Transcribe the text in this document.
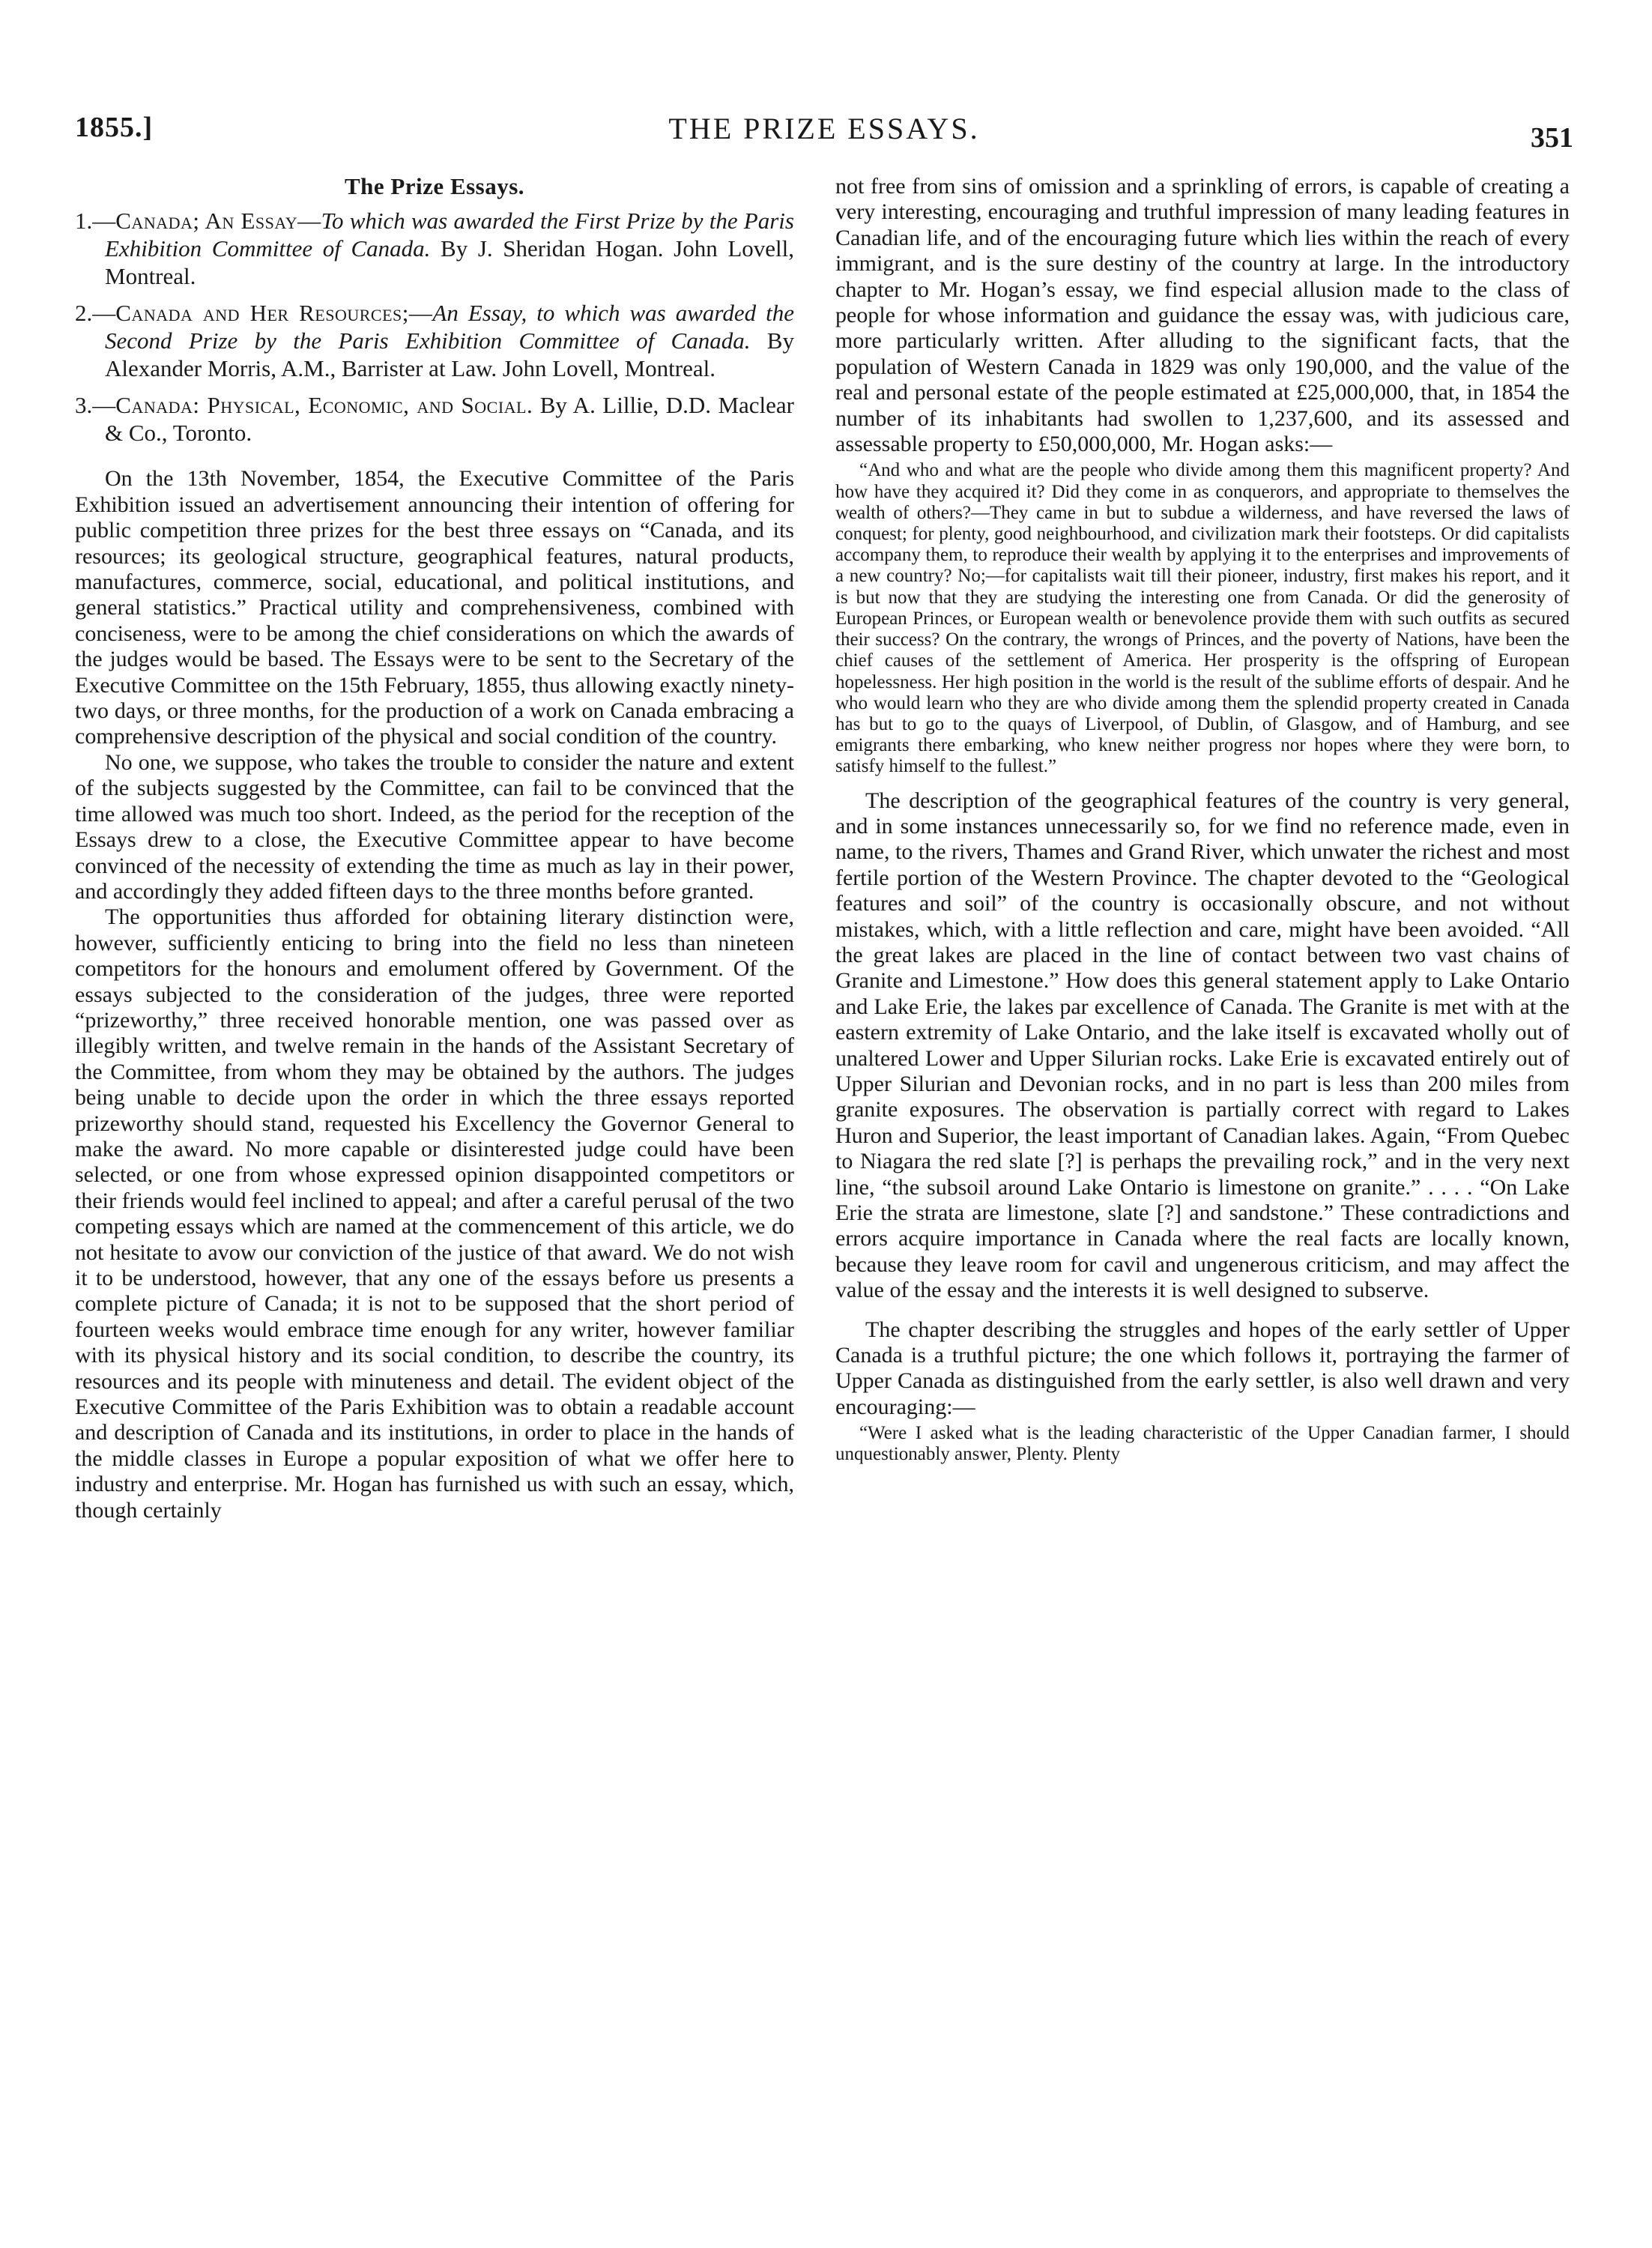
1855.]	THE PRIZE ESSAYS.	351
The Prize Essays.

1.—Canada; An Essay—To which was awarded the First Prize by the Paris Exhibition Committee of Canada. By J. Sheridan Hogan. John Lovell, Montreal.

2.—Canada and Her Resources;—An Essay, to which was awarded the Second Prize by the Paris Exhibition Committee of Canada. By Alexander Morris, A.M., Barrister at Law. John Lovell, Montreal.

3.—Canada: Physical, Economic, and Social. By A. Lillie, D.D. Maclear & Co., Toronto.

On the 13th November, 1854, the Executive Committee of the Paris Exhibition issued an advertisement announcing their intention of offering for public competition three prizes for the best three essays on “Canada, and its resources; its geological structure, geographical features, natural products, manufactures, commerce, social, educational, and political institutions, and general statistics.” Practical utility and comprehensiveness, combined with conciseness, were to be among the chief considerations on which the awards of the judges would be based. The Essays were to be sent to the Secretary of the Executive Committee on the 15th February, 1855, thus allowing exactly ninety-two days, or three months, for the production of a work on Canada embracing a comprehensive description of the physical and social condition of the country.

No one, we suppose, who takes the trouble to consider the nature and extent of the subjects suggested by the Committee, can fail to be convinced that the time allowed was much too short. Indeed, as the period for the reception of the Essays drew to a close, the Executive Committee appear to have become convinced of the necessity of extending the time as much as lay in their power, and accordingly they added fifteen days to the three months before granted.

The opportunities thus afforded for obtaining literary distinction were, however, sufficiently enticing to bring into the field no less than nineteen competitors for the honours and emolument offered by Government. Of the essays subjected to the consideration of the judges, three were reported “prizeworthy,” three received honorable mention, one was passed over as illegibly written, and twelve remain in the hands of the Assistant Secretary of the Committee, from whom they may be obtained by the authors. The judges being unable to decide upon the order in which the three essays reported prizeworthy should stand, requested his Excellency the Governor General to make the award. No more capable or disinterested judge could have been selected, or one from whose expressed opinion disappointed competitors or their friends would feel inclined to appeal; and after a careful perusal of the two competing essays which are named at the commencement of this article, we do not hesitate to avow our conviction of the justice of that award. We do not wish it to be understood, however, that any one of the essays before us presents a complete picture of Canada; it is not to be supposed that the short period of fourteen weeks would embrace time enough for any writer, however familiar with its physical history and its social condition, to describe the country, its resources and its people with minuteness and detail. The evident object of the Executive Committee of the Paris Exhibition was to obtain a readable account and description of Canada and its institutions, in order to place in the hands of the middle classes in Europe a popular exposition of what we offer here to industry and enterprise. Mr. Hogan has furnished us with such an essay, which, though certainly

not free from sins of omission and a sprinkling of errors, is capable of creating a very interesting, encouraging and truthful impression of many leading features in Canadian life, and of the encouraging future which lies within the reach of every immigrant, and is the sure destiny of the country at large. In the introductory chapter to Mr. Hogan’s essay, we find especial allusion made to the class of people for whose information and guidance the essay was, with judicious care, more particularly written. After alluding to the significant facts, that the population of Western Canada in 1829 was only 190,000, and the value of the real and personal estate of the people estimated at £25,000,000, that, in 1854 the number of its inhabitants had swollen to 1,237,600, and its assessed and assessable property to £50,000,000, Mr. Hogan asks:—

“And who and what are the people who divide among them this magnificent property? And how have they acquired it? Did they come in as conquerors, and appropriate to themselves the wealth of others?—They came in but to subdue a wilderness, and have reversed the laws of conquest; for plenty, good neighbourhood, and civilization mark their footsteps. Or did capitalists accompany them, to reproduce their wealth by applying it to the enterprises and improvements of a new country? No;—for capitalists wait till their pioneer, industry, first makes his report, and it is but now that they are studying the interesting one from Canada. Or did the generosity of European Princes, or European wealth or benevolence provide them with such outfits as secured their success? On the contrary, the wrongs of Princes, and the poverty of Nations, have been the chief causes of the settlement of America. Her prosperity is the offspring of European hopelessness. Her high position in the world is the result of the sublime efforts of despair. And he who would learn who they are who divide among them the splendid property created in Canada has but to go to the quays of Liverpool, of Dublin, of Glasgow, and of Hamburg, and see emigrants there embarking, who knew neither progress nor hopes where they were born, to satisfy himself to the fullest.”

The description of the geographical features of the country is very general, and in some instances unnecessarily so, for we find no reference made, even in name, to the rivers, Thames and Grand River, which unwater the richest and most fertile portion of the Western Province. The chapter devoted to the “Geological features and soil” of the country is occasionally obscure, and not without mistakes, which, with a little reflection and care, might have been avoided. “All the great lakes are placed in the line of contact between two vast chains of Granite and Limestone.” How does this general statement apply to Lake Ontario and Lake Erie, the lakes par excellence of Canada. The Granite is met with at the eastern extremity of Lake Ontario, and the lake itself is excavated wholly out of unaltered Lower and Upper Silurian rocks. Lake Erie is excavated entirely out of Upper Silurian and Devonian rocks, and in no part is less than 200 miles from granite exposures. The observation is partially correct with regard to Lakes Huron and Superior, the least important of Canadian lakes. Again, “From Quebec to Niagara the red slate [?] is perhaps the prevailing rock,” and in the very next line, “the subsoil around Lake Ontario is limestone on granite.” . . . . “On Lake Erie the strata are limestone, slate [?] and sandstone.” These contradictions and errors acquire importance in Canada where the real facts are locally known, because they leave room for cavil and ungenerous criticism, and may affect the value of the essay and the interests it is well designed to subserve.

The chapter describing the struggles and hopes of the early settler of Upper Canada is a truthful picture; the one which follows it, portraying the farmer of Upper Canada as distinguished from the early settler, is also well drawn and very encouraging:—

“Were I asked what is the leading characteristic of the Upper Canadian farmer, I should unquestionably answer, Plenty. Plenty
